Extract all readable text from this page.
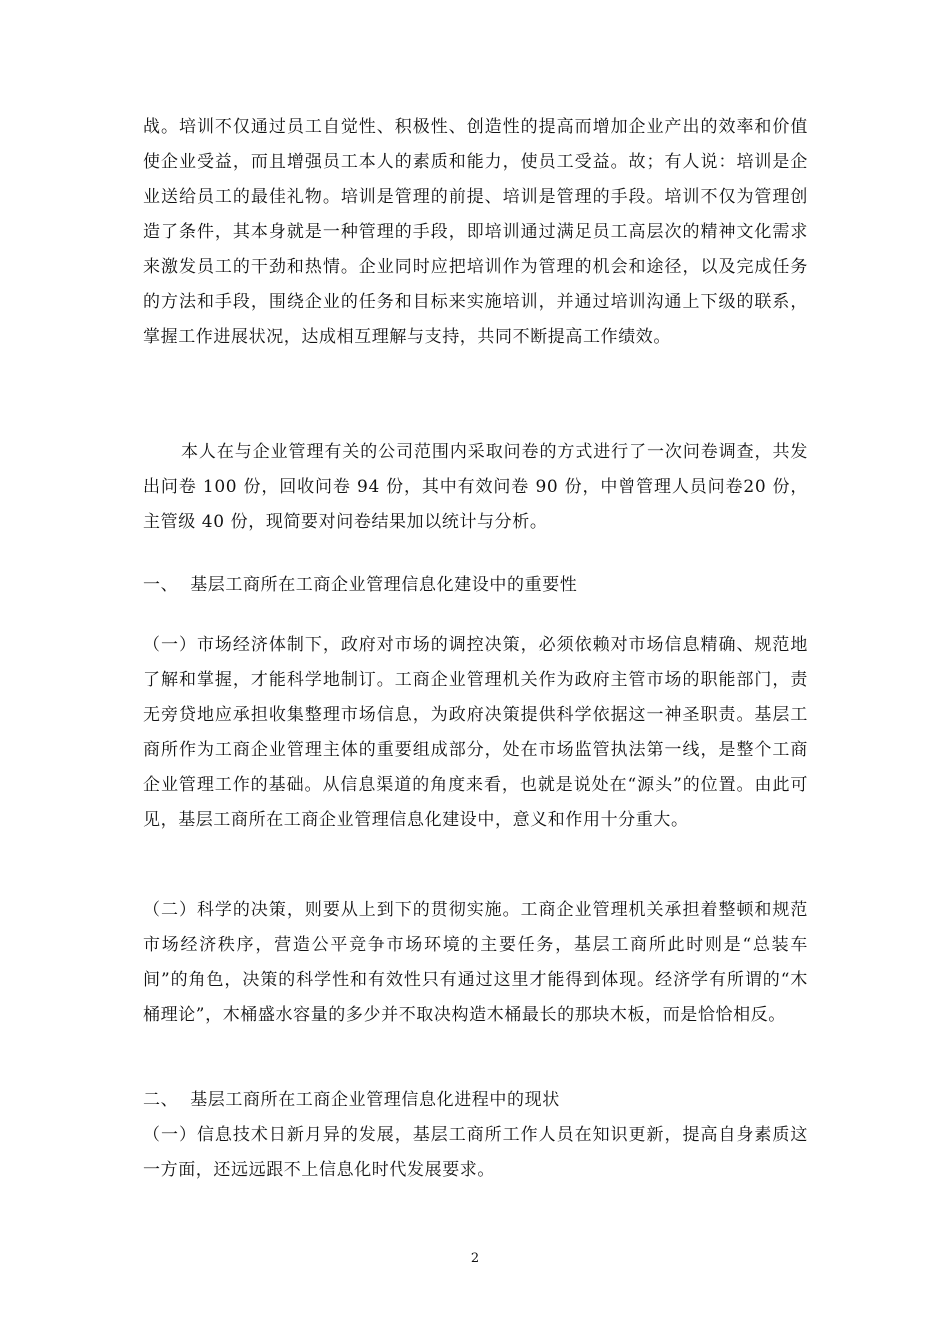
战。培训不仅通过员工自觉性、积极性、创造性的提高而增加企业产出的效率和价值使企业受益，而且增强员工本人的素质和能力，使员工受益。故；有人说：培训是企业送给员工的最佳礼物。培训是管理的前提、培训是管理的手段。培训不仅为管理创造了条件，其本身就是一种管理的手段，即培训通过满足员工高层次的精神文化需求来激发员工的干劲和热情。企业同时应把培训作为管理的机会和途径，以及完成任务的方法和手段，围绕企业的任务和目标来实施培训，并通过培训沟通上下级的联系，掌握工作进展状况，达成相互理解与支持，共同不断提高工作绩效。

本人在与企业管理有关的公司范围内采取问卷的方式进行了一次问卷调查，共发出问卷 100 份，回收问卷 94 份，其中有效问卷 90 份，中曾管理人员问卷20 份，主管级 40 份，现简要对问卷结果加以统计与分析。

一、  基层工商所在工商企业管理信息化建设中的重要性

（一）市场经济体制下，政府对市场的调控决策，必须依赖对市场信息精确、规范地了解和掌握，才能科学地制订。工商企业管理机关作为政府主管市场的职能部门，责无旁贷地应承担收集整理市场信息，为政府决策提供科学依据这一神圣职责。基层工商所作为工商企业管理主体的重要组成部分，处在市场监管执法第一线，是整个工商企业管理工作的基础。从信息渠道的角度来看，也就是说处在“源头”的位置。由此可见，基层工商所在工商企业管理信息化建设中，意义和作用十分重大。

（二）科学的决策，则要从上到下的贯彻实施。工商企业管理机关承担着整顿和规范市场经济秩序，营造公平竞争市场环境的主要任务，基层工商所此时则是“总装车间”的角色，决策的科学性和有效性只有通过这里才能得到体现。经济学有所谓的“木桶理论”，木桶盛水容量的多少并不取决构造木桶最长的那块木板，而是恰恰相反。

二、  基层工商所在工商企业管理信息化进程中的现状

（一）信息技术日新月异的发展，基层工商所工作人员在知识更新，提高自身素质这一方面，还远远跟不上信息化时代发展要求。

2
